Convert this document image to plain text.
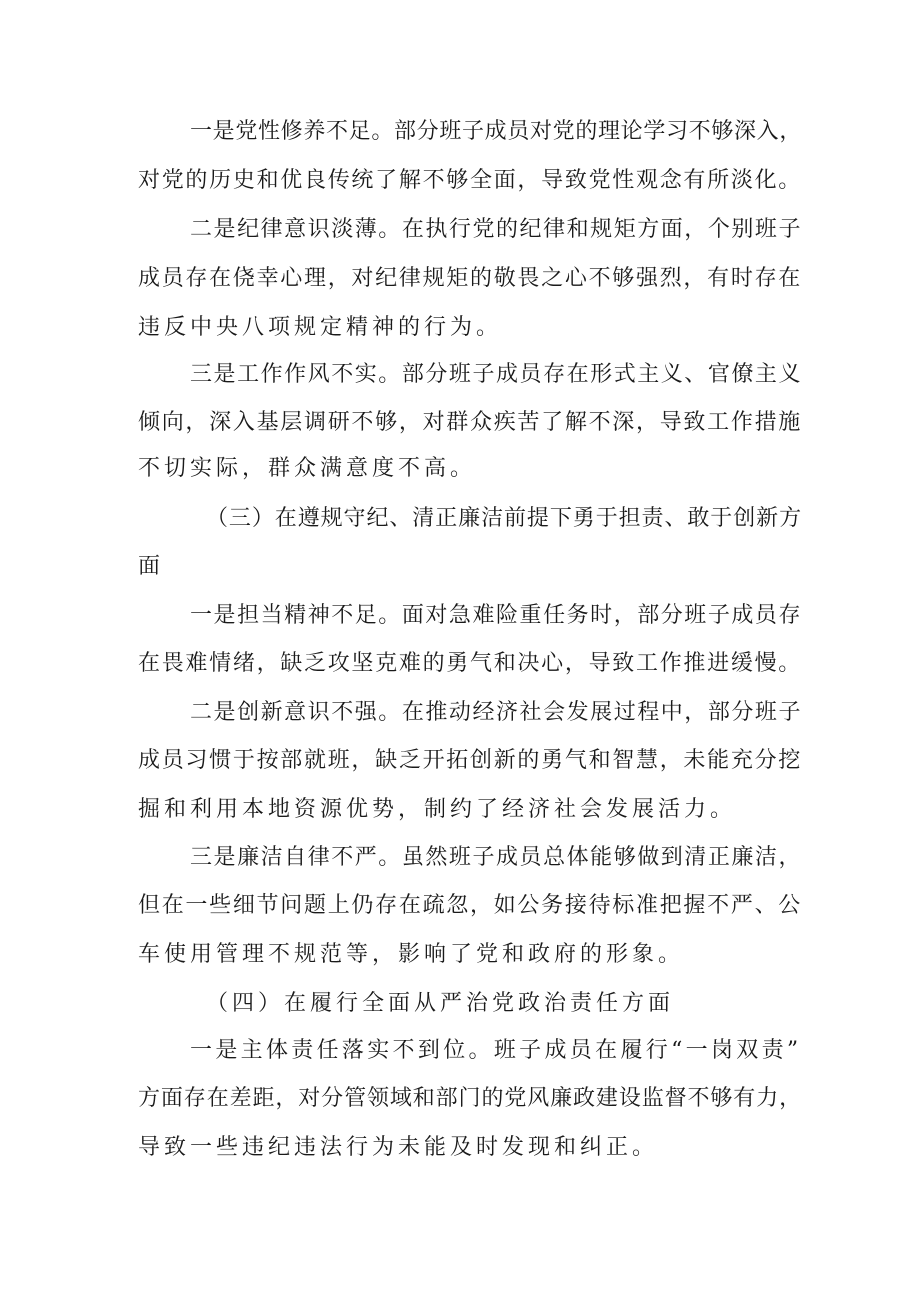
一是党性修养不足。部分班子成员对党的理论学习不够深入，
对党的历史和优良传统了解不够全面，导致党性观念有所淡化。
二是纪律意识淡薄。在执行党的纪律和规矩方面，个别班子
成员存在侥幸心理，对纪律规矩的敬畏之心不够强烈，有时存在
违反中央八项规定精神的行为。
三是工作作风不实。部分班子成员存在形式主义、官僚主义
倾向，深入基层调研不够，对群众疾苦了解不深，导致工作措施
不切实际，群众满意度不高。
（三）在遵规守纪、清正廉洁前提下勇于担责、敢于创新方
面
一是担当精神不足。面对急难险重任务时，部分班子成员存
在畏难情绪，缺乏攻坚克难的勇气和决心，导致工作推进缓慢。
二是创新意识不强。在推动经济社会发展过程中，部分班子
成员习惯于按部就班，缺乏开拓创新的勇气和智慧，未能充分挖
掘和利用本地资源优势，制约了经济社会发展活力。
三是廉洁自律不严。虽然班子成员总体能够做到清正廉洁，
但在一些细节问题上仍存在疏忽，如公务接待标准把握不严、公
车使用管理不规范等，影响了党和政府的形象。
（四）在履行全面从严治党政治责任方面
一是主体责任落实不到位。班子成员在履行“一岗双责”
方面存在差距，对分管领域和部门的党风廉政建设监督不够有力，
导致一些违纪违法行为未能及时发现和纠正。
